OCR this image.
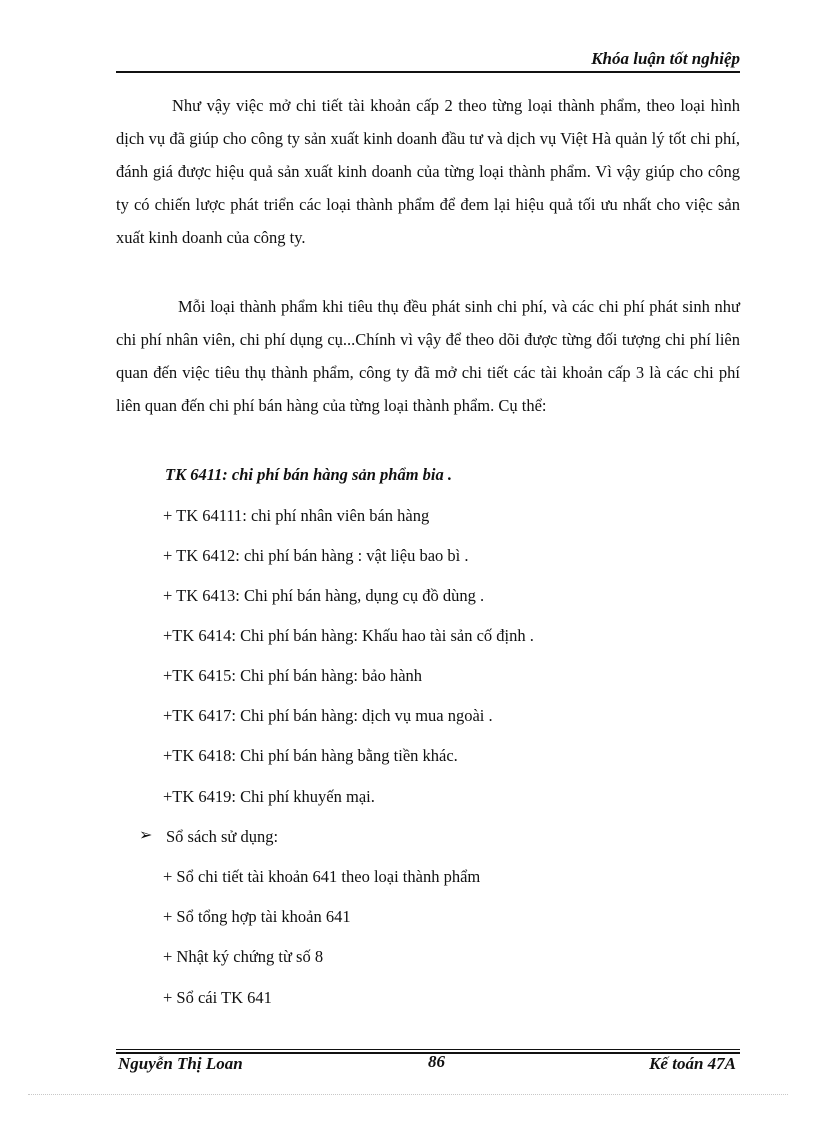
Khóa luận tốt nghiệp

Như vậy việc mở chi tiết tài khoản cấp 2 theo từng loại thành phẩm, theo loại hình dịch vụ đã giúp cho công ty sản xuất kinh doanh đầu tư và dịch vụ Việt Hà quản lý tốt chi phí, đánh giá được hiệu quả sản xuất kinh doanh của từng loại thành phẩm. Vì vậy giúp cho công ty có chiến lược phát triển các loại thành phẩm để đem lại hiệu quả tối ưu nhất cho việc sản xuất kinh doanh của công ty.

Mỗi loại thành phẩm khi tiêu thụ đều phát sinh chi phí, và các chi phí phát sinh như chi phí nhân viên, chi phí dụng cụ...Chính vì vậy để theo dõi được từng đối tượng chi phí liên quan đến việc tiêu thụ thành phẩm, công ty đã mở chi tiết các tài khoản cấp 3 là các chi phí liên quan đến chi phí bán hàng của từng loại thành phẩm. Cụ thể:

TK 6411: chi phí bán hàng sản phẩm bia .
+ TK 64111: chi phí nhân viên bán hàng
+ TK 6412: chi phí bán hàng : vật liệu bao bì .
+ TK 6413: Chi phí bán hàng, dụng cụ đồ dùng .
+TK 6414: Chi phí bán hàng: Khấu hao tài sản cố định .
+TK 6415: Chi phí bán hàng: bảo hành
+TK 6417: Chi phí bán hàng: dịch vụ mua ngoài .
+TK 6418: Chi phí bán hàng bằng tiền khác.
+TK 6419: Chi phí khuyến mại.
➢ Sổ sách sử dụng:
+ Sổ chi tiết tài khoản 641 theo loại thành phẩm
+ Sổ tổng hợp tài khoản 641
+ Nhật ký chứng từ số 8
+ Sổ cái TK 641
Nguyễn Thị Loan	86	Kế toán 47A
